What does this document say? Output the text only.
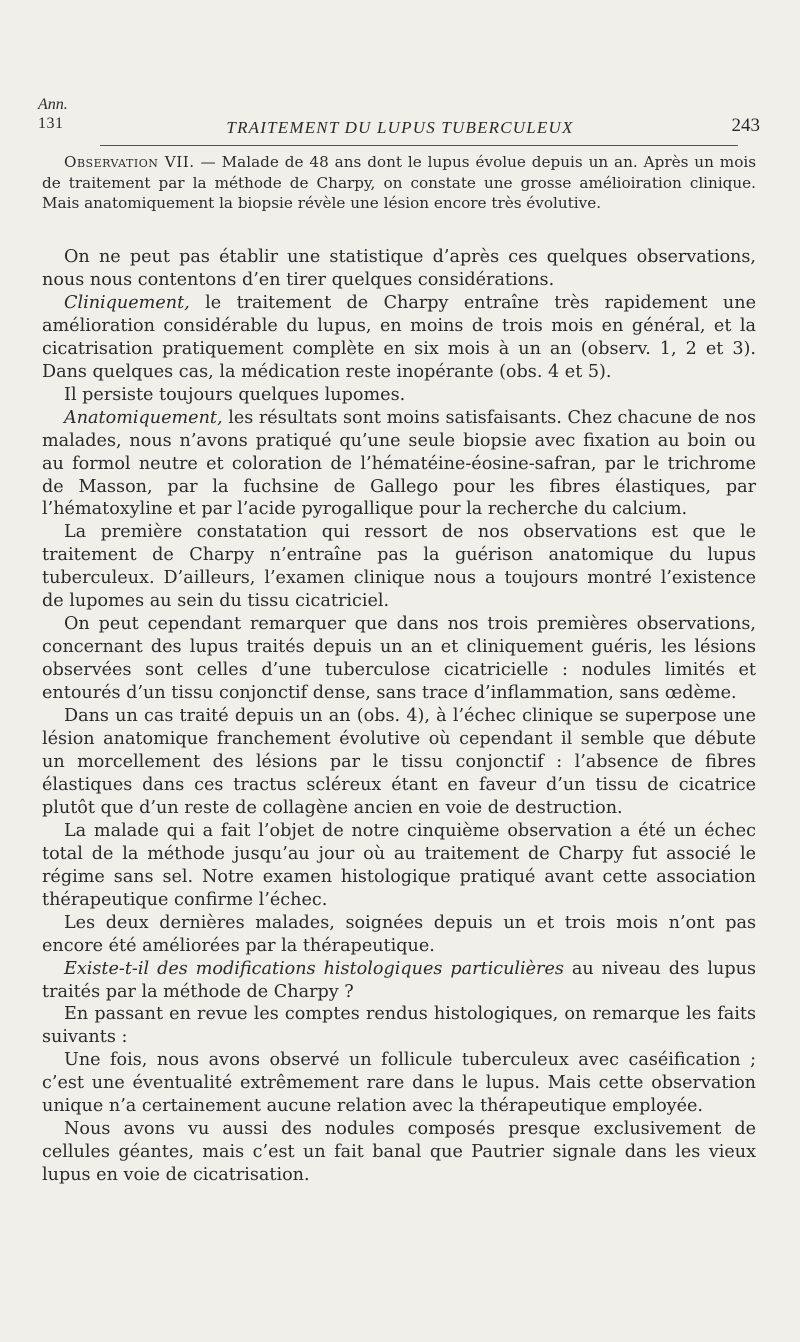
Ann.
131	TRAITEMENT DU LUPUS TUBERCULEUX	243

Observation VII. — Malade de 48 ans dont le lupus évolue depuis un an. Après un mois de traitement par la méthode de Charpy, on constate une grosse amélioiration clinique. Mais anatomiquement la biopsie révèle une lésion encore très évolutive.

On ne peut pas établir une statistique d’après ces quelques observations, nous nous contentons d’en tirer quelques considérations.

Cliniquement, le traitement de Charpy entraîne très rapidement une amélioration considérable du lupus, en moins de trois mois en général, et la cicatrisation pratiquement complète en six mois à un an (observ. 1, 2 et 3). Dans quelques cas, la médication reste inopérante (obs. 4 et 5).

Il persiste toujours quelques lupomes.

Anatomiquement, les résultats sont moins satisfaisants. Chez chacune de nos malades, nous n’avons pratiqué qu’une seule biopsie avec fixation au boin ou au formol neutre et coloration de l’hématéine-éosine-safran, par le trichrome de Masson, par la fuchsine de Gallego pour les fibres élastiques, par l’hématoxyline et par l’acide pyrogallique pour la recherche du calcium.

La première constatation qui ressort de nos observations est que le traitement de Charpy n’entraîne pas la guérison anatomique du lupus tuberculeux. D’ailleurs, l’examen clinique nous a toujours montré l’existence de lupomes au sein du tissu cicatriciel.

On peut cependant remarquer que dans nos trois premières observations, concernant des lupus traités depuis un an et cliniquement guéris, les lésions observées sont celles d’une tuberculose cicatricielle : nodules limités et entourés d’un tissu conjonctif dense, sans trace d’inflammation, sans œdème.

Dans un cas traité depuis un an (obs. 4), à l’échec clinique se superpose une lésion anatomique franchement évolutive où cependant il semble que débute un morcellement des lésions par le tissu conjonctif : l’absence de fibres élastiques dans ces tractus scléreux étant en faveur d’un tissu de cicatrice plutôt que d’un reste de collagène ancien en voie de destruction.

La malade qui a fait l’objet de notre cinquième observation a été un échec total de la méthode jusqu’au jour où au traitement de Charpy fut associé le régime sans sel. Notre examen histologique pratiqué avant cette association thérapeutique confirme l’échec.

Les deux dernières malades, soignées depuis un et trois mois n’ont pas encore été améliorées par la thérapeutique.

Existe-t-il des modifications histologiques particulières au niveau des lupus traités par la méthode de Charpy ?

En passant en revue les comptes rendus histologiques, on remarque les faits suivants :

Une fois, nous avons observé un follicule tuberculeux avec caséification ; c’est une éventualité extrêmement rare dans le lupus. Mais cette observation unique n’a certainement aucune relation avec la thérapeutique employée.

Nous avons vu aussi des nodules composés presque exclusivement de cellules géantes, mais c’est un fait banal que Pautrier signale dans les vieux lupus en voie de cicatrisation.
